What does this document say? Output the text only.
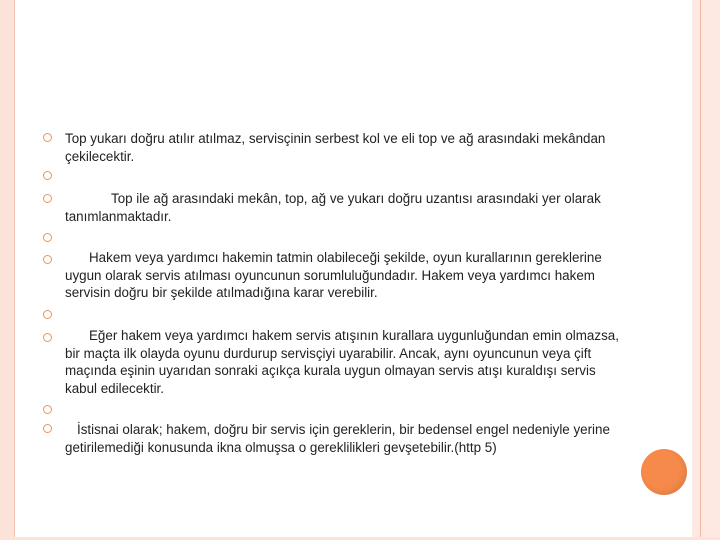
Top yukarı doğru atılır atılmaz, servisçinin serbest kol ve eli top ve ağ arasındaki mekândan çekilecektir.
Top ile ağ arasındaki mekân, top, ağ ve yukarı doğru uzantısı arasındaki yer olarak tanımlanmaktadır.
Hakem veya yardımcı hakemin tatmin olabileceği şekilde, oyun kurallarının gereklerine uygun olarak servis atılması oyuncunun sorumluluğundadır. Hakem veya yardımcı hakem servisin doğru bir şekilde atılmadığına karar verebilir.
Eğer hakem veya yardımcı hakem servis atışının kurallara uygunluğundan emin olmazsa, bir maçta ilk olayda oyunu durdurup servisçiyi uyarabilir. Ancak, aynı oyuncunun veya çift maçında eşinin uyarıdan sonraki açıkça kurala uygun olmayan servis atışı kuraldışı servis kabul edilecektir.
İstisnai olarak; hakem, doğru bir servis için gereklerin, bir bedensel engel nedeniyle yerine getirilemediği konusunda ikna olmuşsa o gereklilikleri gevşetebilir.(http 5)
